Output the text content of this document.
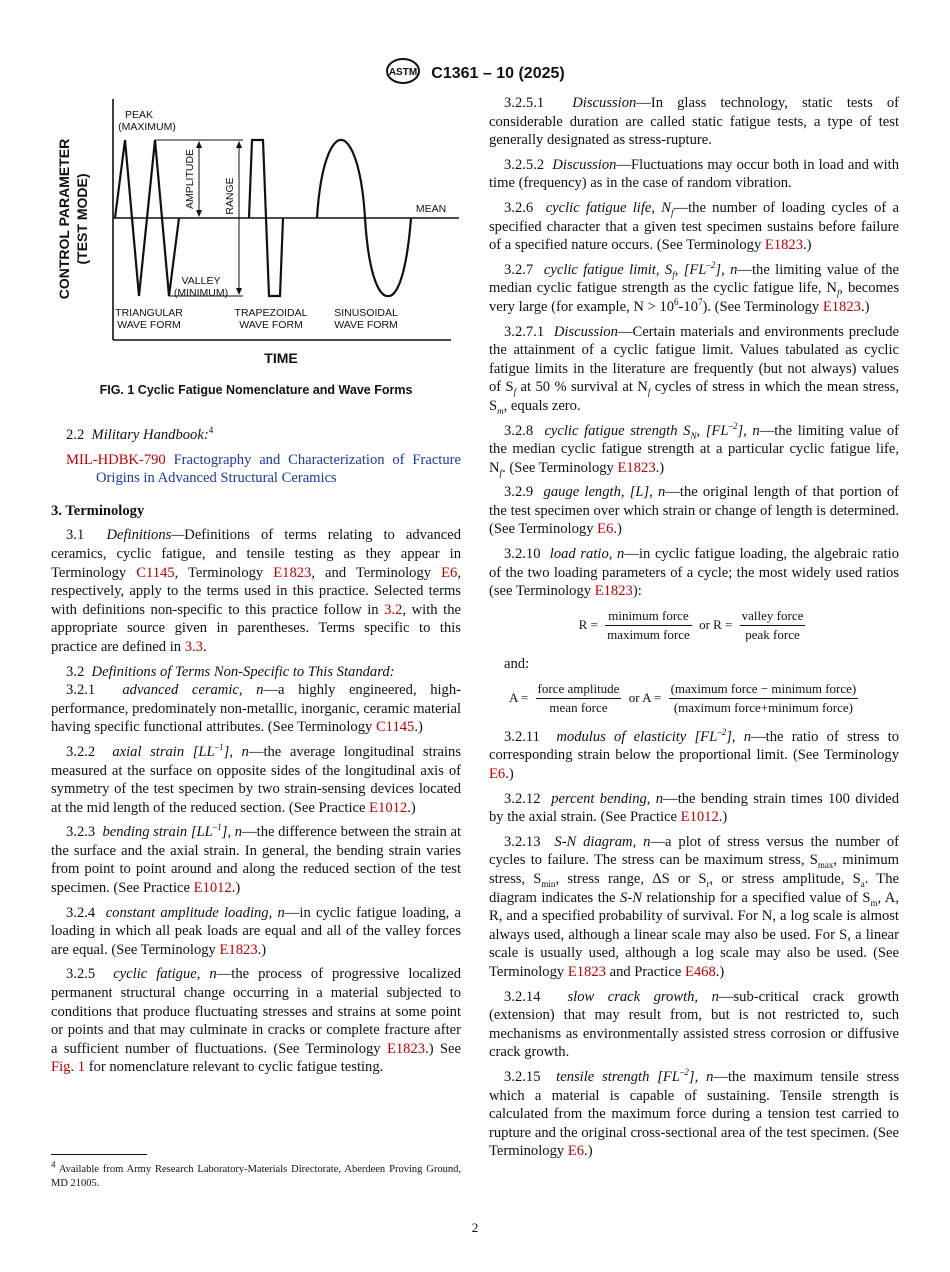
ASTM C1361 – 10 (2025)
CONTROL PARAMETER (TEST MODE)
PEAK
(MAXIMUM)
AMPLITUDE	RANGE	MEAN
VALLEY
(MINIMUM)
TRIANGULAR
WAVE FORM
TRAPEZOIDAL
WAVE FORM
SINUSOIDAL
WAVE FORM
TIME
FIG. 1 Cyclic Fatigue Nomenclature and Wave Forms

2.2 Military Handbook:$^4$

MIL-HDBK-790 Fractography and Characterization of Fracture Origins in Advanced Structural Ceramics

3. Terminology

3.1 Definitions—Definitions of terms relating to advanced ceramics, cyclic fatigue, and tensile testing as they appear in Terminology C1145, Terminology E1823, and Terminology E6, respectively, apply to the terms used in this practice. Selected terms with definitions non-specific to this practice follow in 3.2, with the appropriate source given in parentheses. Terms specific to this practice are defined in 3.3.

3.2 Definitions of Terms Non-Specific to This Standard:

3.2.1 advanced ceramic, n—a highly engineered, high-performance, predominately non-metallic, inorganic, ceramic material having specific functional attributes. (See Terminology C1145.)

3.2.2 axial strain $[LL^{-1}]$, n—the average longitudinal strains measured at the surface on opposite sides of the longitudinal axis of symmetry of the test specimen by two strain-sensing devices located at the mid length of the reduced section. (See Practice E1012.)

3.2.3 bending strain $[LL^{-1}]$, n—the difference between the strain at the surface and the axial strain. In general, the bending strain varies from point to point around and along the reduced section of the test specimen. (See Practice E1012.)

3.2.4 constant amplitude loading, n—in cyclic fatigue loading, a loading in which all peak loads are equal and all of the valley forces are equal. (See Terminology E1823.)

3.2.5 cyclic fatigue, n—the process of progressive localized permanent structural change occurring in a material subjected to conditions that produce fluctuating stresses and strains at some point or points and that may culminate in cracks or complete fracture after a sufficient number of fluctuations. (See Terminology E1823.) See Fig. 1 for nomenclature relevant to cyclic fatigue testing.

$^4$ Available from Army Research Laboratory-Materials Directorate, Aberdeen Proving Ground, MD 21005.

3.2.5.1 Discussion—In glass technology, static tests of considerable duration are called static fatigue tests, a type of test generally designated as stress-rupture.

3.2.5.2 Discussion—Fluctuations may occur both in load and with time (frequency) as in the case of random vibration.

3.2.6 cyclic fatigue life, $N_f—the$ number of loading cycles of a specified character that a given test specimen sustains before failure of a specified nature occurs. (See Terminology E1823.)

3.2.7 cyclic fatigue limit, $S_f$, $[FL^{-2}]$, n—the limiting value of the median cyclic fatigue strength as the cyclic fatigue life, $N_f$, becomes very large (for example, $N > 10^6-10^7$). (See Terminology E1823.)

3.2.7.1 Discussion—Certain materials and environments preclude the attainment of a cyclic fatigue limit. Values tabulated as cyclic fatigue limits in the literature are frequently (but not always) values of $S_f$ at 50 % survival at $N_f$ cycles of stress in which the mean stress, $S_m$, equals zero.

3.2.8 cyclic fatigue strength $S_N$, $[FL^{-2}]$, n—the limiting value of the median cyclic fatigue strength at a particular cyclic fatigue life, $N_f$. (See Terminology E1823.)

3.2.9 gauge length, [L], n—the original length of that portion of the test specimen over which strain or change of length is determined. (See Terminology E6.)

3.2.10 load ratio, n—in cyclic fatigue loading, the algebraic ratio of the two loading parameters of a cycle; the most widely used ratios (see Terminology E1823):

$R = \frac{\text{minimum force}}{\text{maximum force}}$ or $R = \frac{\text{valley force}}{\text{peak force}}$

and:

$A = \frac{\text{force amplitude}}{\text{mean force}}$ or $A = \frac{\text{(maximum force − minimum force)}}{\text{(maximum force+minimum force)}}$

3.2.11 modulus of elasticity $[FL^{-2}]$, n—the ratio of stress to corresponding strain below the proportional limit. (See Terminology E6.)

3.2.12 percent bending, n—the bending strain times 100 divided by the axial strain. (See Practice E1012.)

3.2.13 S-N diagram, n—a plot of stress versus the number of cycles to failure. The stress can be maximum stress, $S_{max}$, minimum stress, $S_{min}$, stress range, ΔS or $S_r$, or stress amplitude, $S_a$. The diagram indicates the S-N relationship for a specified value of $S_m$, A, R, and a specified probability of survival. For N, a log scale is almost always used, although a linear scale may also be used. For S, a linear scale is usually used, although a log scale may also be used. (See Terminology E1823 and Practice E468.)

3.2.14 slow crack growth, n—sub-critical crack growth (extension) that may result from, but is not restricted to, such mechanisms as environmentally assisted stress corrosion or diffusive crack growth.

3.2.15 tensile strength $[FL^{-2}]$, n—the maximum tensile stress which a material is capable of sustaining. Tensile strength is calculated from the maximum force during a tension test carried to rupture and the original cross-sectional area of the test specimen. (See Terminology E6.)

2
